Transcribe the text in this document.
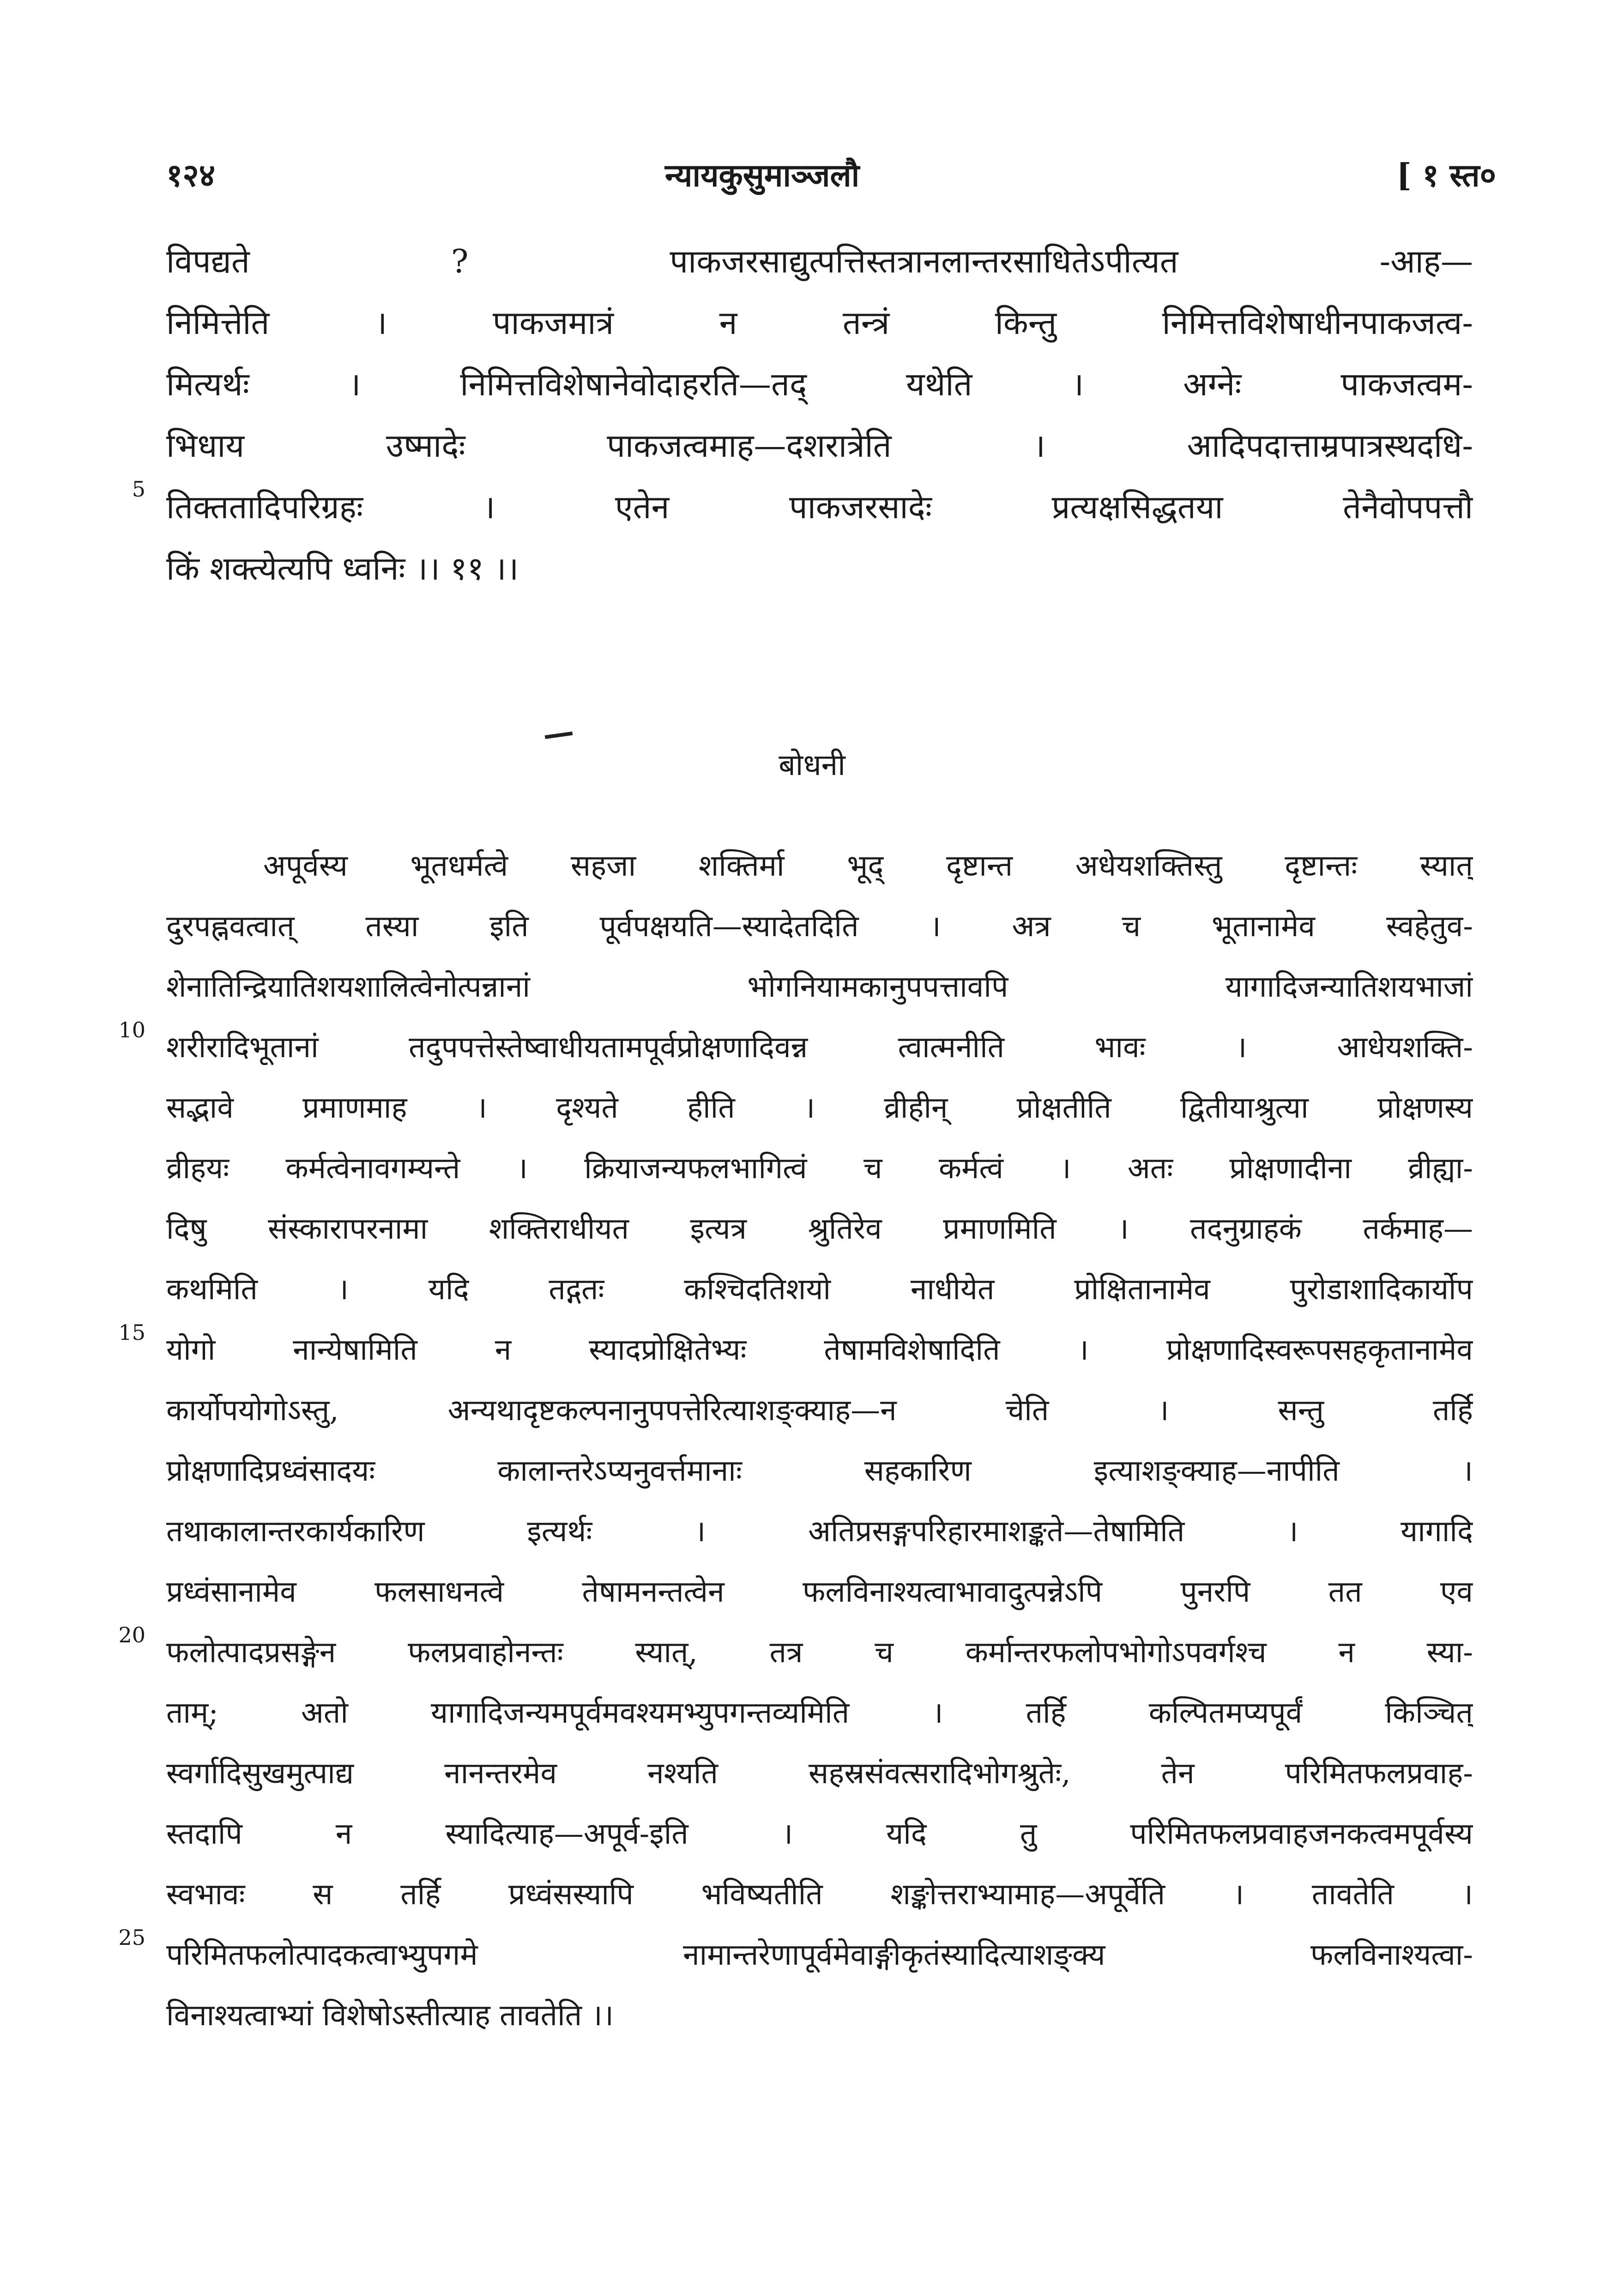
१२४	न्यायकुसुमाञ्जलौ	[ १ स्त०
विपद्यते ? पाकजरसाद्युत्पत्तिस्तत्रानलान्तरसाधितेऽपीत्यत -आह—
निमित्तेति । पाकजमात्रं न तन्त्रं किन्तु निमित्तविशेषाधीनपाकजत्व-
मित्यर्थः । निमित्तविशेषानेवोदाहरति—तद् यथेति । अग्नेः पाकजत्वम-
भिधाय उष्मादेः पाकजत्वमाह—दशरात्रेति । आदिपदात्ताम्रपात्रस्थदधि-
तिक्ततादिपरिग्रहः । एतेन पाकजरसादेः प्रत्यक्षसिद्धतया तेनैवोपपत्तौ
किं शक्त्येत्यपि ध्वनिः ।। ११ ।।
5
बोधनी
अपूर्वस्य भूतधर्मत्वे सहजा शक्तिर्मा भूद् दृष्टान्त अधेयशक्तिस्तु दृष्टान्तः स्यात्
दुरपह्नवत्वात् तस्या इति पूर्वपक्षयति—स्यादेतदिति । अत्र च भूतानामेव स्वहेतुव-
शेनातिन्द्रियातिशयशालित्वेनोत्पन्नानां भोगनियामकानुपपत्तावपि यागादिजन्यातिशयभाजां
शरीरादिभूतानां तदुपपत्तेस्तेष्वाधीयतामपूर्वप्रोक्षणादिवन्न त्वात्मनीति भावः । आधेयशक्ति-
सद्भावे प्रमाणमाह । दृश्यते हीति । व्रीहीन् प्रोक्षतीति द्वितीयाश्रुत्या प्रोक्षणस्य
व्रीहयः कर्मत्वेनावगम्यन्ते । क्रियाजन्यफलभागित्वं च कर्मत्वं । अतः प्रोक्षणादीना व्रीह्या-
दिषु संस्कारापरनामा शक्तिराधीयत इत्यत्र श्रुतिरेव प्रमाणमिति । तदनुग्राहकं तर्कमाह—
कथमिति । यदि तद्गतः कश्चिदतिशयो नाधीयेत प्रोक्षितानामेव पुरोडाशादिकार्योप
योगो नान्येषामिति न स्यादप्रोक्षितेभ्यः तेषामविशेषादिति । प्रोक्षणादिस्वरूपसहकृतानामेव
कार्योपयोगोऽस्तु, अन्यथादृष्टकल्पनानुपपत्तेरित्याशङ्क्याह—न चेति । सन्तु तर्हि
प्रोक्षणादिप्रध्वंसादयः कालान्तरेऽप्यनुवर्त्तमानाः सहकारिण इत्याशङ्क्याह—नापीति ।
तथाकालान्तरकार्यकारिण इत्यर्थः । अतिप्रसङ्गपरिहारमाशङ्कते—तेषामिति । यागादि
प्रध्वंसानामेव फलसाधनत्वे तेषामनन्तत्वेन फलविनाश्यत्वाभावादुत्पन्नेऽपि पुनरपि तत एव
फलोत्पादप्रसङ्गेन फलप्रवाहोनन्तः स्यात्, तत्र च कर्मान्तरफलोपभोगोऽपवर्गश्च न स्या-
ताम्; अतो यागादिजन्यमपूर्वमवश्यमभ्युपगन्तव्यमिति । तर्हि कल्पितमप्यपूर्वं किञ्चित्
स्वर्गादिसुखमुत्पाद्य नानन्तरमेव नश्यति सहस्रसंवत्सरादिभोगश्रुतेः, तेन परिमितफलप्रवाह-
स्तदापि न स्यादित्याह—अपूर्व-इति । यदि तु परिमितफलप्रवाहजनकत्वमपूर्वस्य
स्वभावः स तर्हि प्रध्वंसस्यापि भविष्यतीति शङ्कोत्तराभ्यामाह—अपूर्वेति । तावतेति ।
परिमितफलोत्पादकत्वाभ्युपगमे नामान्तरेणापूर्वमेवाङ्गीकृतंस्यादित्याशङ्क्य फलविनाश्यत्वा-
विनाश्यत्वाभ्यां विशेषोऽस्तीत्याह तावतेति ।।
10
15
20
25
